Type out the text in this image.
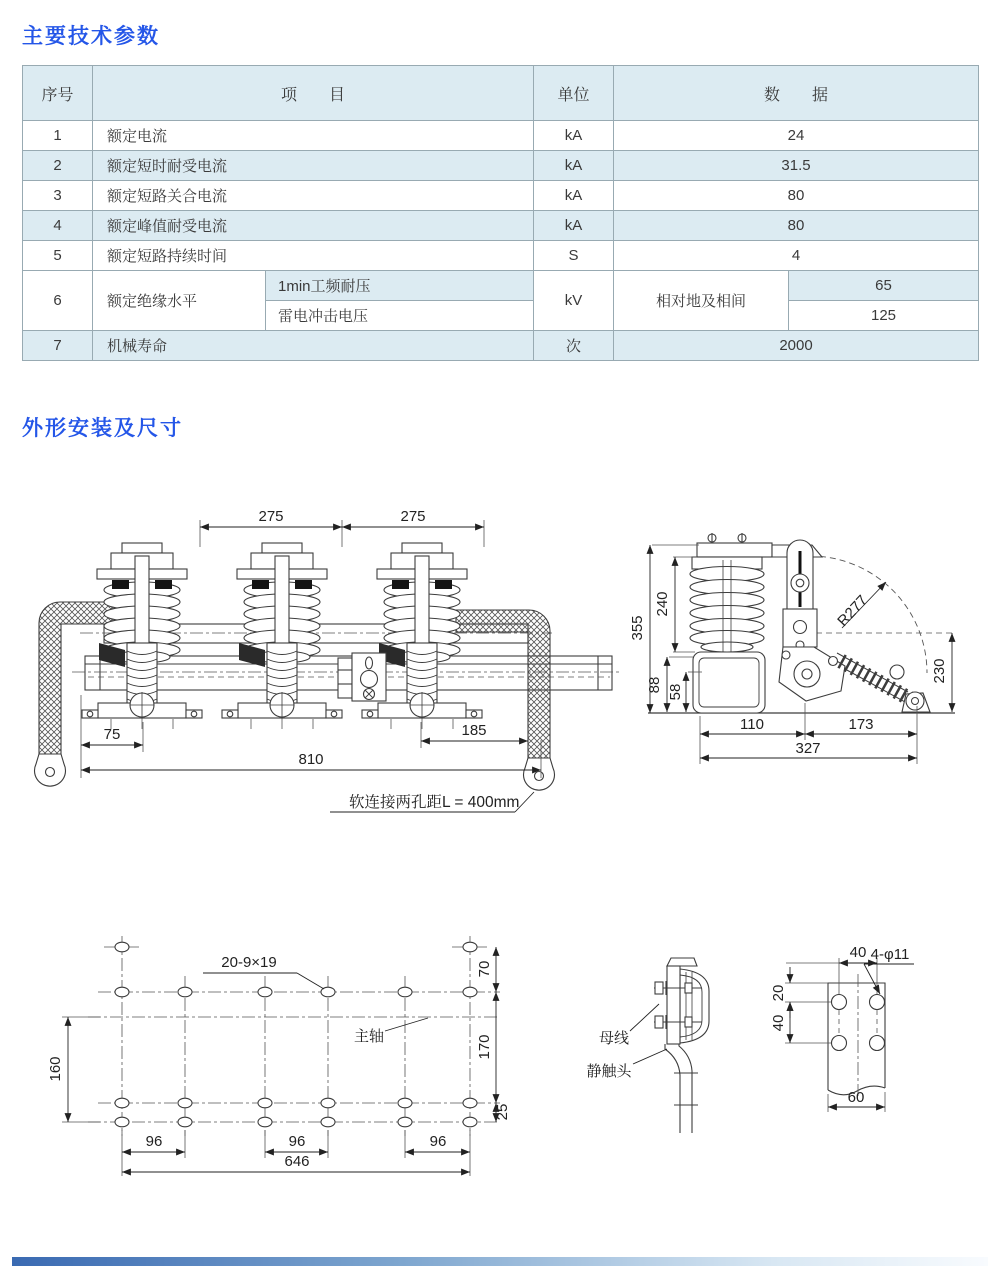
主要技术参数
序号	项　　目		单位	数　　据	
1	额定电流		kA	24	
2	额定短时耐受电流		kA	31.5	
3	额定短路关合电流		kA	80	
4	额定峰值耐受电流		kA	80	
5	额定短路持续时间		S	4	
6	额定绝缘水平	1min工频耐压	kV	相对地及相间	65
		雷电冲击电压			125
7	机械寿命		次	2000	
外形安装及尺寸
275	275
75	185
810
软连接两孔距L = 400mm
R277
355
240
88 58
230
110	173
327
70
170
25
160
96	96	96
646
20-9×19
主轴	母线
静触头
40
20
40
4-φ11
60
